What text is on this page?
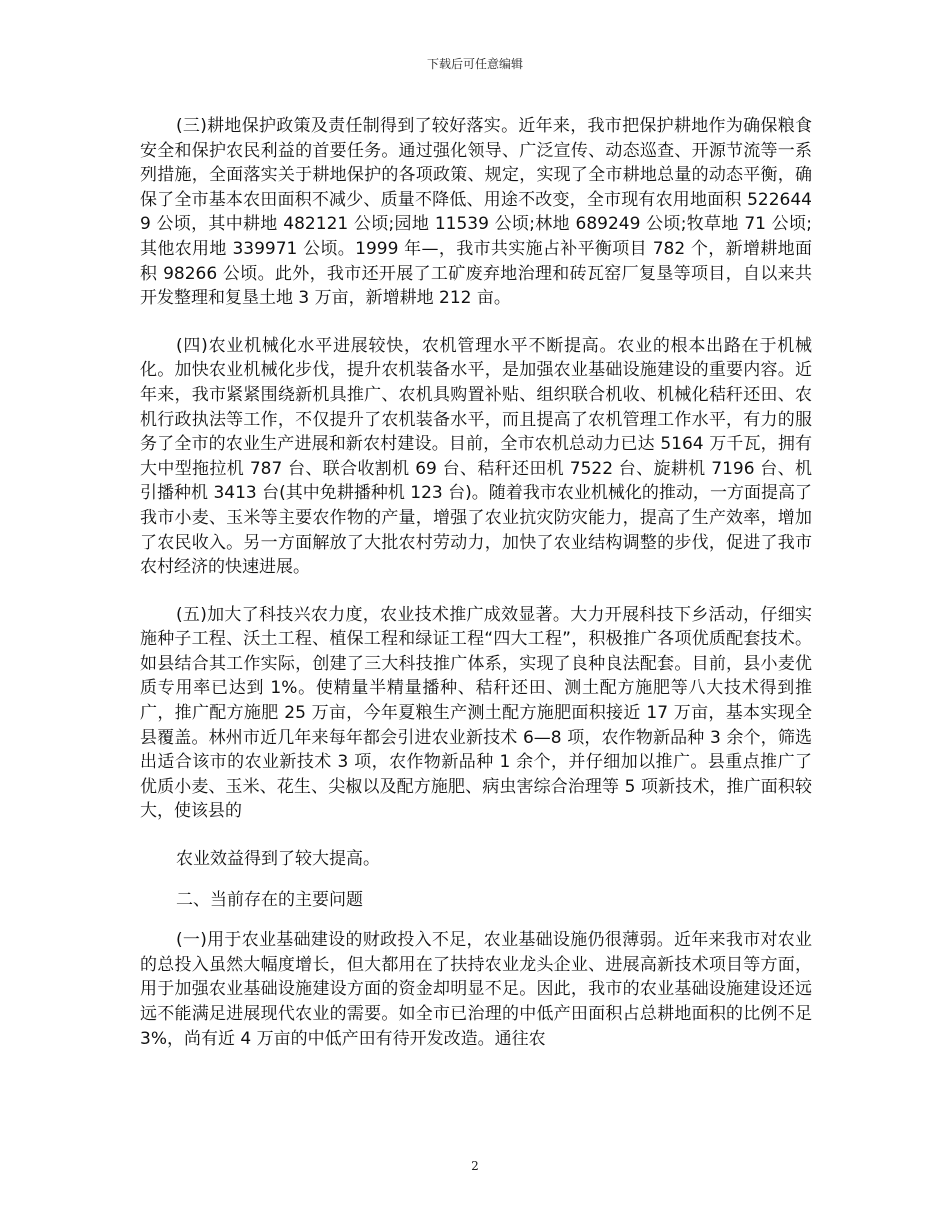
下载后可任意编辑

(三)耕地保护政策及责任制得到了较好落实。近年来，我市把保护耕地作为确保粮食安全和保护农民利益的首要任务。通过强化领导、广泛宣传、动态巡查、开源节流等一系列措施，全面落实关于耕地保护的各项政策、规定，实现了全市耕地总量的动态平衡，确保了全市基本农田面积不减少、质量不降低、用途不改变，全市现有农用地面积 5226449 公顷，其中耕地 482121 公顷;园地 11539 公顷;林地 689249 公顷;牧草地 71 公顷;其他农用地 339971 公顷。1999 年—，我市共实施占补平衡项目 782 个，新增耕地面积 98266 公顷。此外，我市还开展了工矿废弃地治理和砖瓦窑厂复垦等项目，自以来共开发整理和复垦土地 3 万亩，新增耕地 212 亩。

(四)农业机械化水平进展较快，农机管理水平不断提高。农业的根本出路在于机械化。加快农业机械化步伐，提升农机装备水平，是加强农业基础设施建设的重要内容。近年来，我市紧紧围绕新机具推广、农机具购置补贴、组织联合机收、机械化秸秆还田、农机行政执法等工作，不仅提升了农机装备水平，而且提高了农机管理工作水平，有力的服务了全市的农业生产进展和新农村建设。目前，全市农机总动力已达 5164 万千瓦，拥有大中型拖拉机 787 台、联合收割机 69 台、秸秆还田机 7522 台、旋耕机 7196 台、机引播种机 3413 台(其中免耕播种机 123 台)。随着我市农业机械化的推动，一方面提高了我市小麦、玉米等主要农作物的产量，增强了农业抗灾防灾能力，提高了生产效率，增加了农民收入。另一方面解放了大批农村劳动力，加快了农业结构调整的步伐，促进了我市农村经济的快速进展。

(五)加大了科技兴农力度，农业技术推广成效显著。大力开展科技下乡活动，仔细实施种子工程、沃土工程、植保工程和绿证工程“四大工程”，积极推广各项优质配套技术。如县结合其工作实际，创建了三大科技推广体系，实现了良种良法配套。目前，县小麦优质专用率已达到 1%。使精量半精量播种、秸秆还田、测土配方施肥等八大技术得到推广，推广配方施肥 25 万亩，今年夏粮生产测土配方施肥面积接近 17 万亩，基本实现全县覆盖。林州市近几年来每年都会引进农业新技术 6—8 项，农作物新品种 3 余个，筛选出适合该市的农业新技术 3 项，农作物新品种 1 余个，并仔细加以推广。县重点推广了优质小麦、玉米、花生、尖椒以及配方施肥、病虫害综合治理等 5 项新技术，推广面积较大，使该县的

农业效益得到了较大提高。

二、当前存在的主要问题

(一)用于农业基础建设的财政投入不足，农业基础设施仍很薄弱。近年来我市对农业的总投入虽然大幅度增长，但大都用在了扶持农业龙头企业、进展高新技术项目等方面，用于加强农业基础设施建设方面的资金却明显不足。因此，我市的农业基础设施建设还远远不能满足进展现代农业的需要。如全市已治理的中低产田面积占总耕地面积的比例不足 3%，尚有近 4 万亩的中低产田有待开发改造。通往农

2
